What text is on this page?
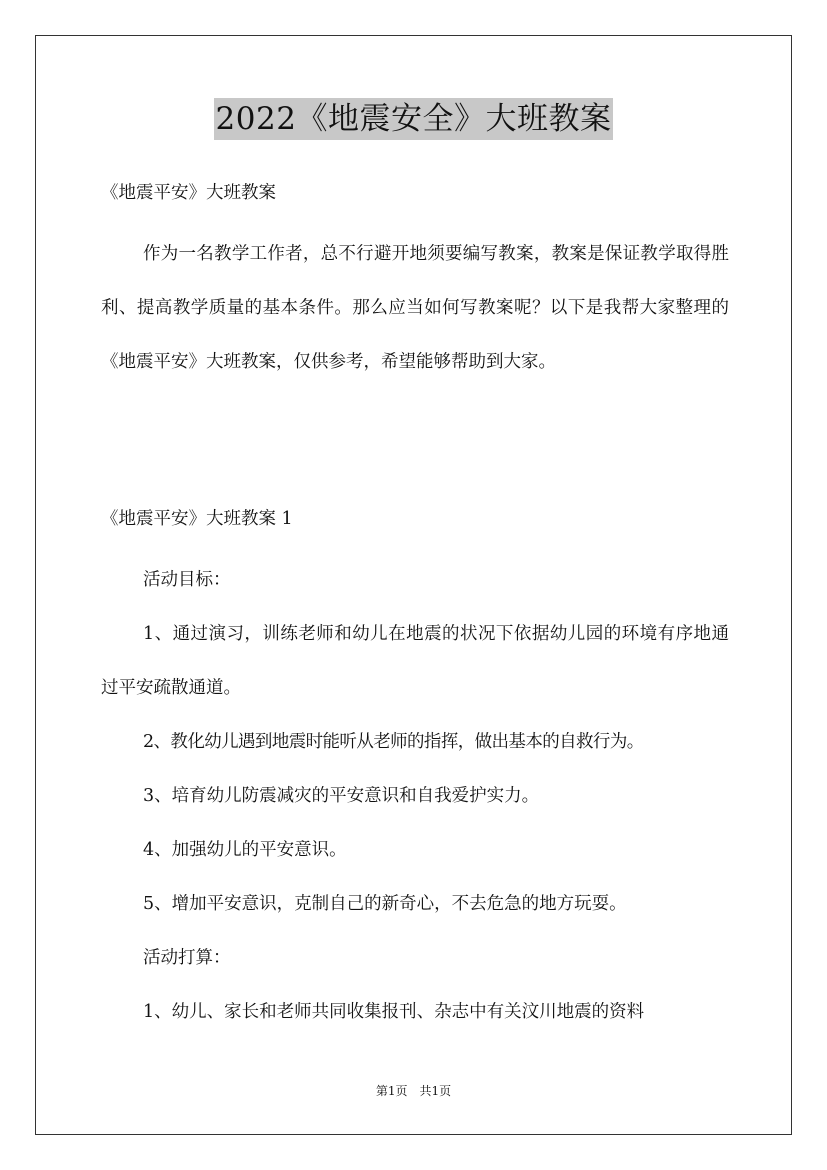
2022《地震安全》大班教案
《地震平安》大班教案

作为一名教学工作者，总不行避开地须要编写教案，教案是保证教学取得胜利、提高教学质量的基本条件。那么应当如何写教案呢？以下是我帮大家整理的《地震平安》大班教案，仅供参考，希望能够帮助到大家。

《地震平安》大班教案 1

活动目标：

1、通过演习，训练老师和幼儿在地震的状况下依据幼儿园的环境有序地通过平安疏散通道。

2、教化幼儿遇到地震时能听从老师的指挥，做出基本的自救行为。

3、培育幼儿防震减灾的平安意识和自我爱护实力。

4、加强幼儿的平安意识。

5、增加平安意识，克制自己的新奇心，不去危急的地方玩耍。

活动打算：

1、幼儿、家长和老师共同收集报刊、杂志中有关汶川地震的资料

第1页　共1页
